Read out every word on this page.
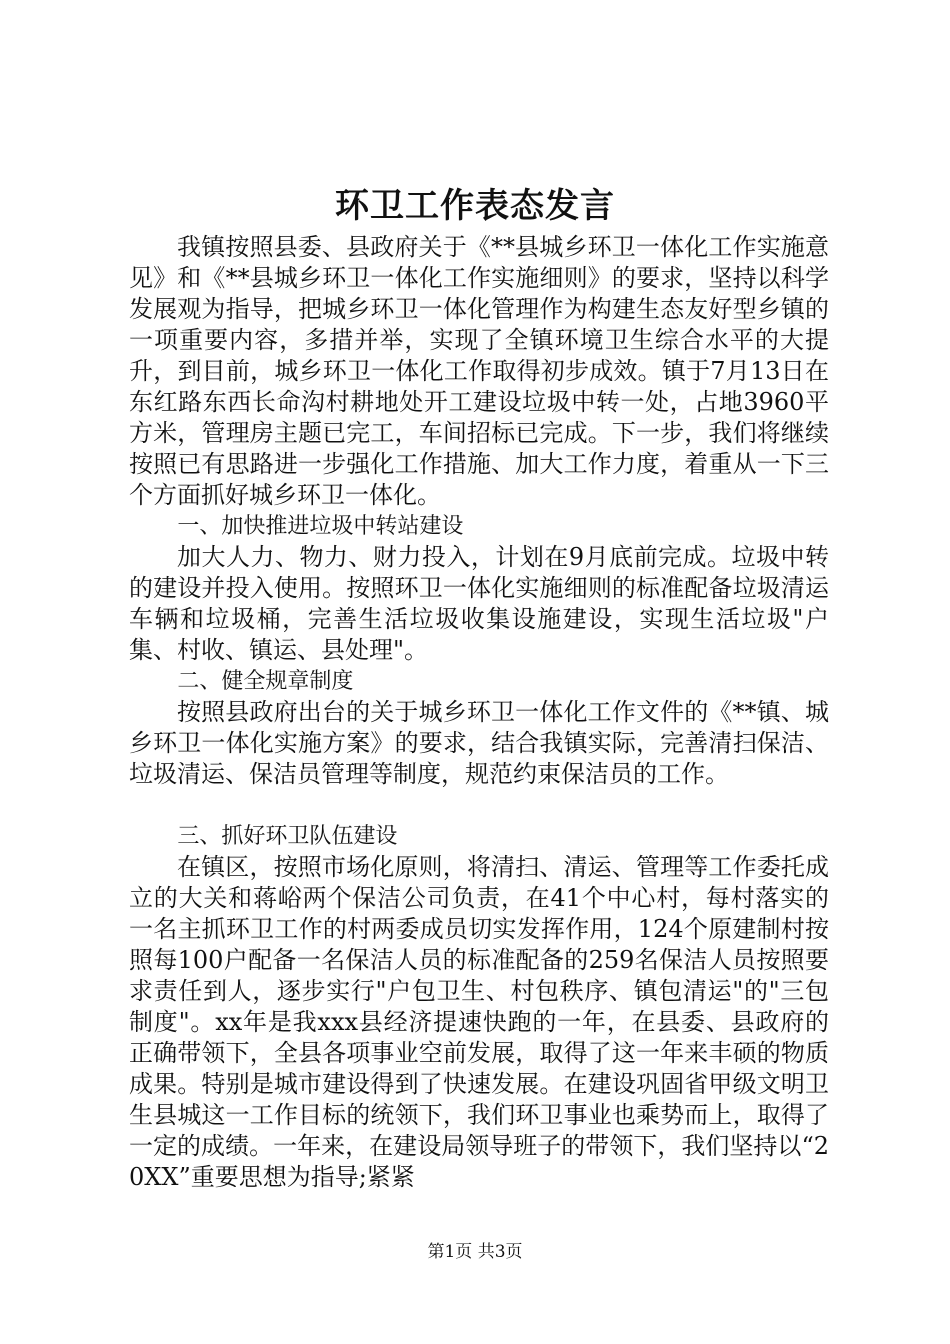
环卫工作表态发言

我镇按照县委、县政府关于《**县城乡环卫一体化工作实施意见》和《**县城乡环卫一体化工作实施细则》的要求，坚持以科学发展观为指导，把城乡环卫一体化管理作为构建生态友好型乡镇的一项重要内容，多措并举，实现了全镇环境卫生综合水平的大提升，到目前，城乡环卫一体化工作取得初步成效。镇于7月13日在东红路东西长命沟村耕地处开工建设垃圾中转一处，占地3960平方米，管理房主题已完工，车间招标已完成。下一步，我们将继续按照已有思路进一步强化工作措施、加大工作力度，着重从一下三个方面抓好城乡环卫一体化。

一、加快推进垃圾中转站建设

加大人力、物力、财力投入，计划在9月底前完成。垃圾中转的建设并投入使用。按照环卫一体化实施细则的标准配备垃圾清运车辆和垃圾桶，完善生活垃圾收集设施建设，实现生活垃圾"户集、村收、镇运、县处理"。

二、健全规章制度

按照县政府出台的关于城乡环卫一体化工作文件的《**镇、城乡环卫一体化实施方案》的要求，结合我镇实际，完善清扫保洁、垃圾清运、保洁员管理等制度，规范约束保洁员的工作。

三、抓好环卫队伍建设

在镇区，按照市场化原则，将清扫、清运、管理等工作委托成立的大关和蒋峪两个保洁公司负责，在41个中心村，每村落实的一名主抓环卫工作的村两委成员切实发挥作用，124个原建制村按照每100户配备一名保洁人员的标准配备的259名保洁人员按照要求责任到人，逐步实行"户包卫生、村包秩序、镇包清运"的"三包制度"。xx年是我xxx县经济提速快跑的一年，在县委、县政府的正确带领下，全县各项事业空前发展，取得了这一年来丰硕的物质成果。特别是城市建设得到了快速发展。在建设巩固省甲级文明卫生县城这一工作目标的统领下，我们环卫事业也乘势而上，取得了一定的成绩。一年来，在建设局领导班子的带领下，我们坚持以“20XX”重要思想为指导;紧紧

第1页 共3页
